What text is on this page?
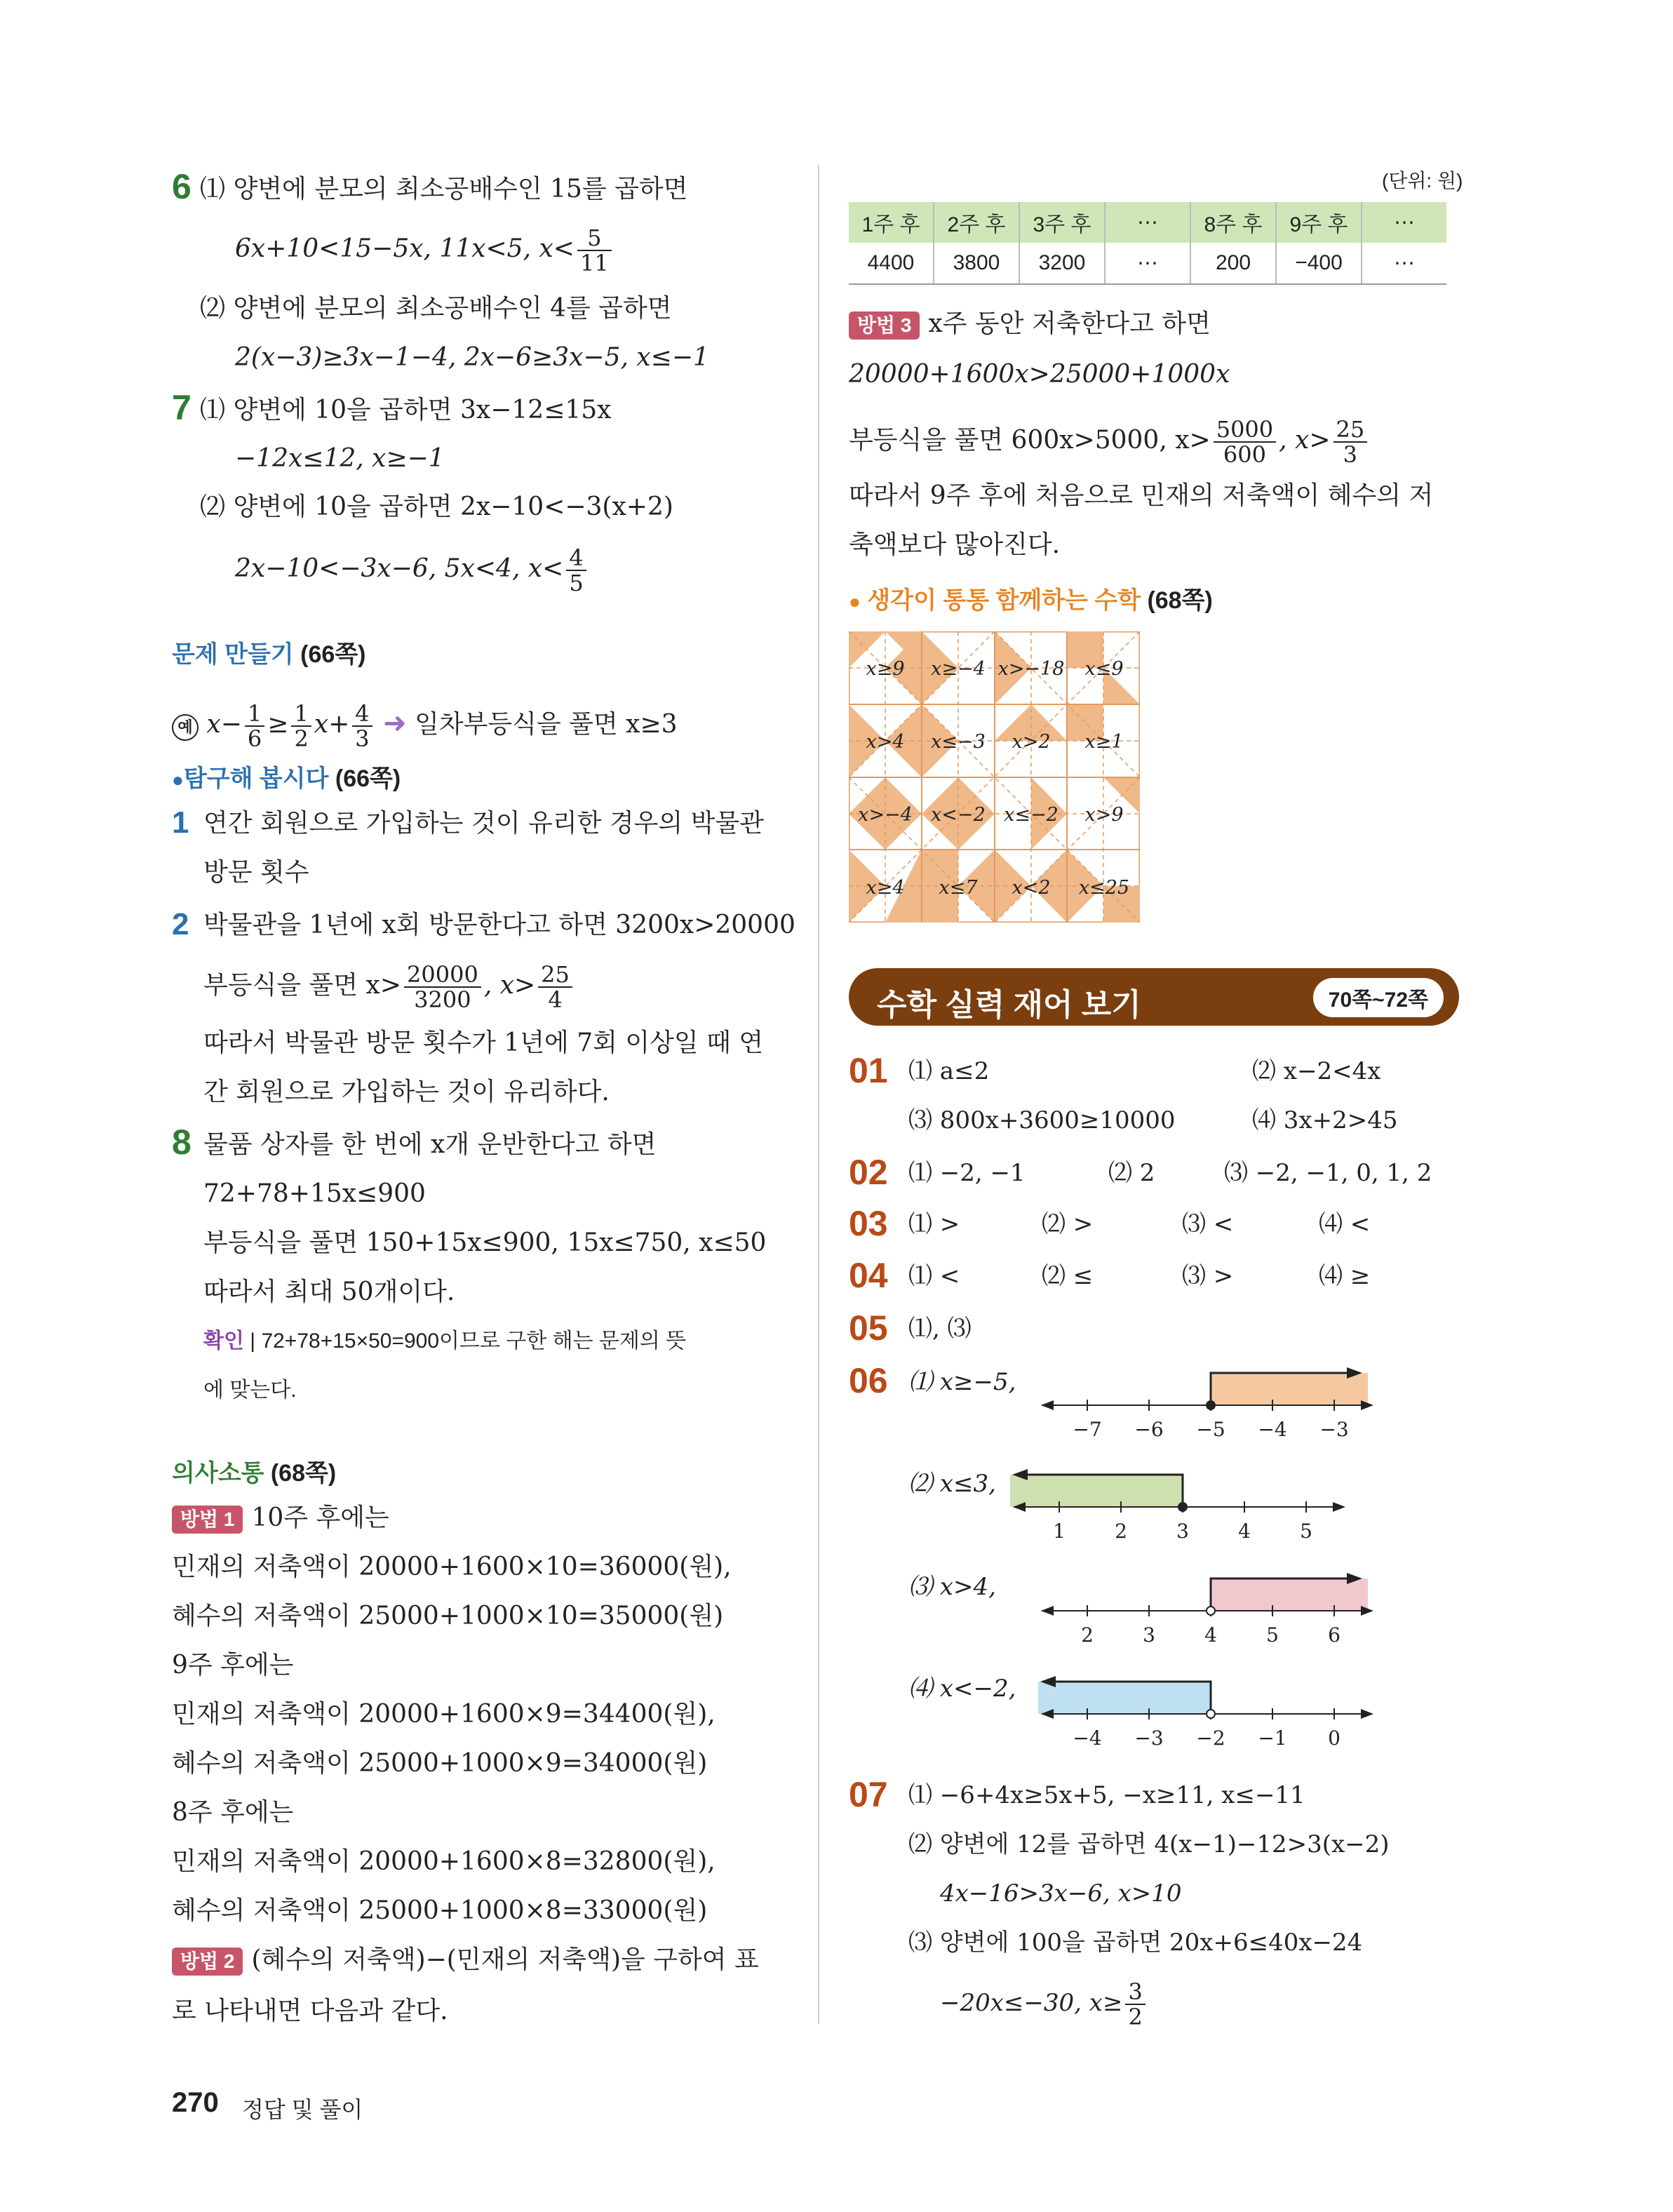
6 ⑴ 양변에 분모의 최소공배수인 15를 곱하면
6x+10<15−5x, 11x<5, $x< \frac{5}{11}$
⑵ 양변에 분모의 최소공배수인 4를 곱하면
2(x−3)≥3x−1−4, 2x−6≥3x−5, x≤−1
7 ⑴ 양변에 10을 곱하면 3x−12≤15x
−12x≤12, x≥−1
⑵ 양변에 10을 곱하면 2x−10<−3(x+2)
2x−10<−3x−6, 5x<4, $x< \frac{4}{5}$
문제 만들기 (66쪽)
예 $x- \frac{1}{6} \ge \frac{1}{2} x+ \frac{4}{3}$ ➜ 일차부등식을 풀면 x≥3
●탐구해 봅시다 (66쪽)
1 연간 회원으로 가입하는 것이 유리한 경우의 박물관
방문 횟수
2 박물관을 1년에 x회 방문한다고 하면 3200x>20000
부등식을 풀면 $x> \frac{20000}{3200}$ , $x> \frac{25}{4}$
따라서 박물관 방문 횟수가 1년에 7회 이상일 때 연
간 회원으로 가입하는 것이 유리하다.
8 물품 상자를 한 번에 x개 운반한다고 하면
72+78+15x≤900
부등식을 풀면 150+15x≤900, 15x≤750, x≤50
따라서 최대 50개이다.
확인 | 72+78+15×50=900이므로 구한 해는 문제의 뜻
에 맞는다.
의사소통 (68쪽)
방법 1 10주 후에는
민재의 저축액이 20000+1600×10=36000(원),
혜수의 저축액이 25000+1000×10=35000(원)
9주 후에는
민재의 저축액이 20000+1600×9=34400(원),
혜수의 저축액이 25000+1000×9=34000(원)
8주 후에는
민재의 저축액이 20000+1600×8=32800(원),
혜수의 저축액이 25000+1000×8=33000(원)
방법 2 (혜수의 저축액)−(민재의 저축액)을 구하여 표
로 나타내면 다음과 같다.
(단위: 원)
1주 후	2주 후	3주 후	⋯	8주 후	9주 후	⋯
4400	3800	3200	⋯	200	−400	⋯
방법 3 x주 동안 저축한다고 하면
20000+1600x>25000+1000x
부등식을 풀면 600x>5000, $x> \frac{5000}{600}$ , $x> \frac{25}{3}$
따라서 9주 후에 처음으로 민재의 저축액이 혜수의 저
축액보다 많아진다.
● 생각이 통통 함께하는 수학 (68쪽)
x≥9 x≥−4 x>−18 x≤9
x>4 x≤−3 x>2 x≥1
x>−4 x<−2 x≤−2 x>9
x≥4 x≤7 x<2 x≤25
수학 실력 재어 보기	70쪽~72쪽
01 ⑴ a≤2	⑵ x−2<4x
⑶ 800x+3600≥10000	⑷ 3x+2>45
02 ⑴ −2, −1	⑵ 2	⑶ −2, −1, 0, 1, 2
03 ⑴ >	⑵ >	⑶ <	⑷ <
04 ⑴ <	⑵ ≤	⑶ >	⑷ ≥
05 ⑴, ⑶
06 ⑴ x≥−5,
⑵ x≤3,
⑶ x>4,
⑷ x<−2,
−7 −6 −5 −4 −3
1	2	3	4	5
2	3	4	5	6
−4 −3 −2 −1 0
07 ⑴ −6+4x≥5x+5, −x≥11, x≤−11
⑵ 양변에 12를 곱하면 4(x−1)−12>3(x−2)
4x−16>3x−6, x>10
⑶ 양변에 100을 곱하면 20x+6≤40x−24
−20x≤−30, $x\ge \frac{3}{2}$
270 정답 및 풀이
